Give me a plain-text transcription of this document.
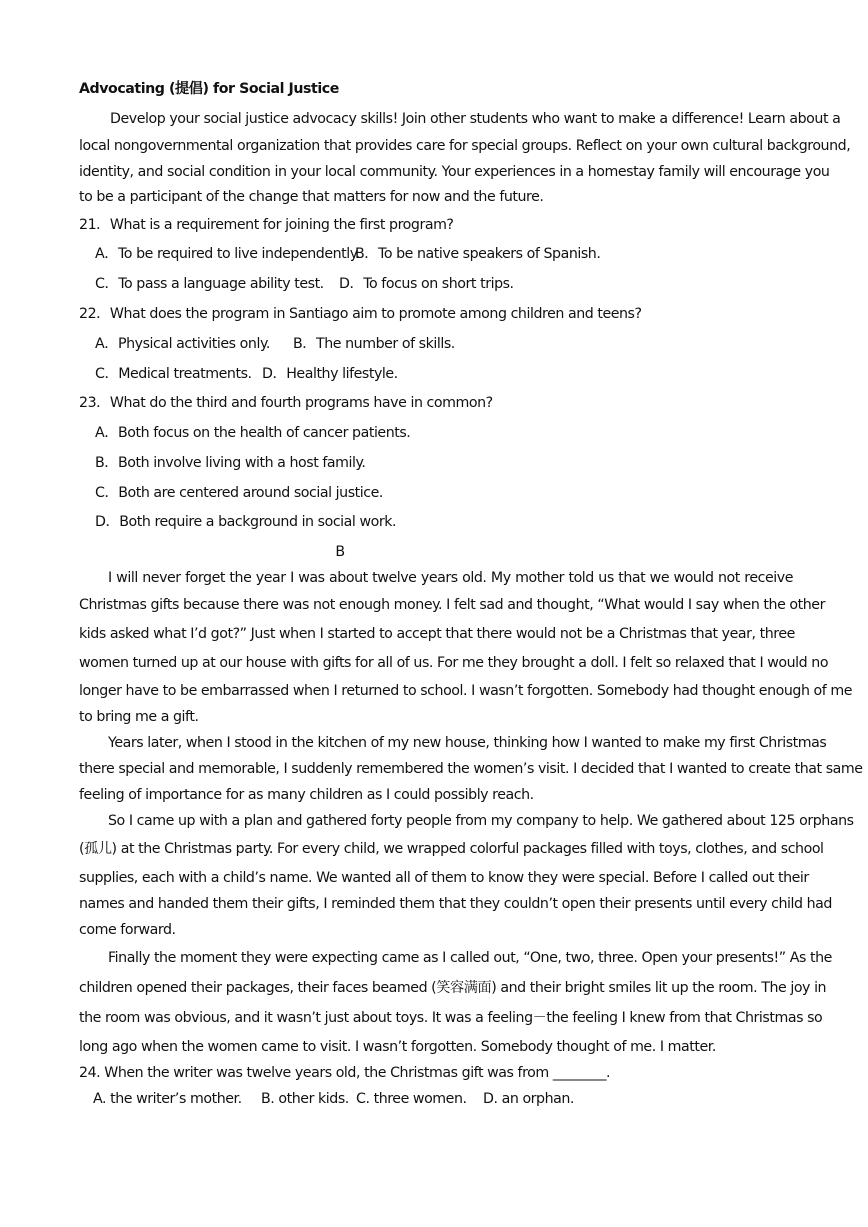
Advocating (提倡) for Social Justice
Develop your social justice advocacy skills! Join other students who want to make a difference! Learn about a
local nongovernmental organization that provides care for special groups. Reflect on your own cultural background,
identity, and social condition in your local community. Your experiences in a homestay family will encourage you
to be a participant of the change that matters for now and the future.
21．What is a requirement for joining the first program?
A．To be required to live independently.B．To be native speakers of Spanish.
C．To pass a language ability test. D．To focus on short trips.
22．What does the program in Santiago aim to promote among children and teens?
A．Physical activities only. B．The number of skills.
C．Medical treatments. D．Healthy lifestyle.
23．What do the third and fourth programs have in common?
A．Both focus on the health of cancer patients.
B．Both involve living with a host family.
C．Both are centered around social justice.
D．Both require a background in social work.
B
I will never forget the year I was about twelve years old. My mother told us that we would not receive
Christmas gifts because there was not enough money. I felt sad and thought, “What would I say when the other
kids asked what I’d got?” Just when I started to accept that there would not be a Christmas that year, three
women turned up at our house with gifts for all of us. For me they brought a doll. I felt so relaxed that I would no
longer have to be embarrassed when I returned to school. I wasn’t forgotten. Somebody had thought enough of me
to bring me a gift.
Years later, when I stood in the kitchen of my new house, thinking how I wanted to make my first Christmas
there special and memorable, I suddenly remembered the women’s visit. I decided that I wanted to create that same
feeling of importance for as many children as I could possibly reach.
So I came up with a plan and gathered forty people from my company to help. We gathered about 125 orphans
(孤儿) at the Christmas party. For every child, we wrapped colorful packages filled with toys, clothes, and school
supplies, each with a child’s name. We wanted all of them to know they were special. Before I called out their
names and handed them their gifts, I reminded them that they couldn’t open their presents until every child had
come forward.
Finally the moment they were expecting came as I called out, “One, two, three. Open your presents!” As the
children opened their packages, their faces beamed (笑容满面) and their bright smiles lit up the room. The joy in
the room was obvious, and it wasn’t just about toys. It was a feeling－the feeling I knew from that Christmas so
long ago when the women came to visit. I wasn’t forgotten. Somebody thought of me. I matter.
24. When the writer was twelve years old, the Christmas gift was from ________.
A. the writer’s mother. B. other kids. C. three women. D. an orphan.
